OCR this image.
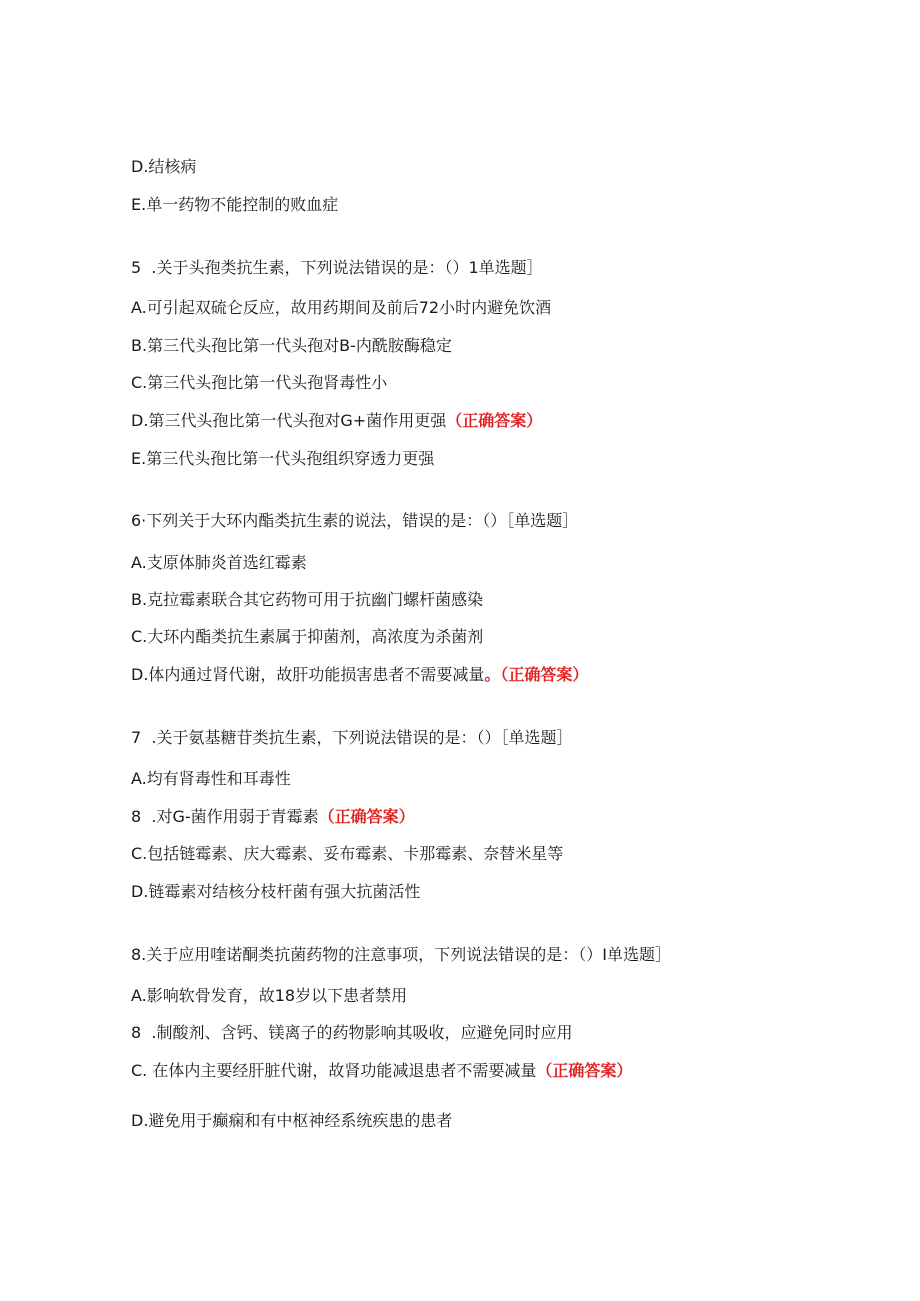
D.结核病
E.单一药物不能控制的败血症
5  .关于头孢类抗生素，下列说法错误的是：（）1单选题］
A.可引起双硫仑反应，故用药期间及前后72小时内避免饮酒
B.第三代头孢比第一代头孢对B-内酰胺酶稳定
C.第三代头孢比第一代头孢肾毒性小
D.第三代头孢比第一代头孢对G+菌作用更强（正确答案）
E.第三代头孢比第一代头孢组织穿透力更强
6·下列关于大环内酯类抗生素的说法，错误的是：（）［单选题］
A.支原体肺炎首选红霉素
B.克拉霉素联合其它药物可用于抗幽门螺杆菌感染
C.大环内酯类抗生素属于抑菌剂，高浓度为杀菌剂
D.体内通过肾代谢，故肝功能损害患者不需要减量。（正确答案）
7  .关于氨基糖苷类抗生素，下列说法错误的是：（）［单选题］
A.均有肾毒性和耳毒性
8  .对G-菌作用弱于青霉素（正确答案）
C.包括链霉素、庆大霉素、妥布霉素、卡那霉素、奈替米星等
D.链霉素对结核分枝杆菌有强大抗菌活性
8.关于应用喹诺酮类抗菌药物的注意事项，下列说法错误的是：（）I单选题］
A.影响软骨发育，故18岁以下患者禁用
8  .制酸剂、含钙、镁离子的药物影响其吸收，应避免同时应用
C. 在体内主要经肝脏代谢，故肾功能减退患者不需要减量（正确答案）
D.避免用于癫痫和有中枢神经系统疾患的患者
